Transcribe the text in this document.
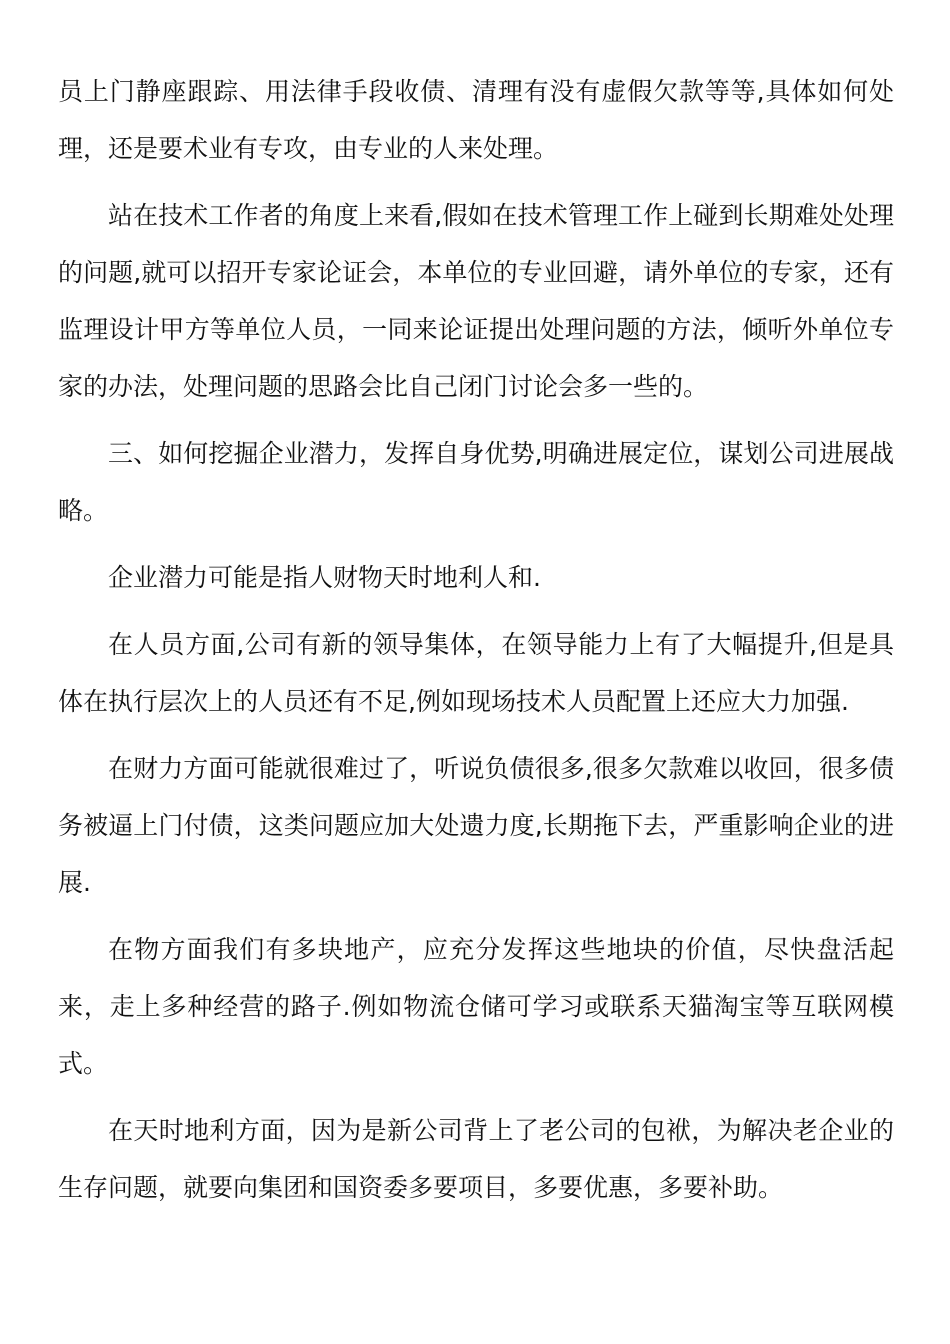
员上门静座跟踪、用法律手段收债、清理有没有虚假欠款等等,具体如何处理，还是要术业有专攻，由专业的人来处理。

站在技术工作者的角度上来看,假如在技术管理工作上碰到长期难处处理的问题,就可以招开专家论证会，本单位的专业回避，请外单位的专家，还有监理设计甲方等单位人员，一同来论证提出处理问题的方法，倾听外单位专家的办法，处理问题的思路会比自己闭门讨论会多一些的。

三、如何挖掘企业潜力，发挥自身优势,明确进展定位，谋划公司进展战略。

企业潜力可能是指人财物天时地利人和.

在人员方面,公司有新的领导集体，在领导能力上有了大幅提升,但是具体在执行层次上的人员还有不足,例如现场技术人员配置上还应大力加强.

在财力方面可能就很难过了，听说负债很多,很多欠款难以收回，很多债务被逼上门付债，这类问题应加大处遗力度,长期拖下去，严重影响企业的进展.

在物方面我们有多块地产，应充分发挥这些地块的价值，尽快盘活起来，走上多种经营的路子.例如物流仓储可学习或联系天猫淘宝等互联网模式。

在天时地利方面，因为是新公司背上了老公司的包袱，为解决老企业的生存问题，就要向集团和国资委多要项目，多要优惠，多要补助。
